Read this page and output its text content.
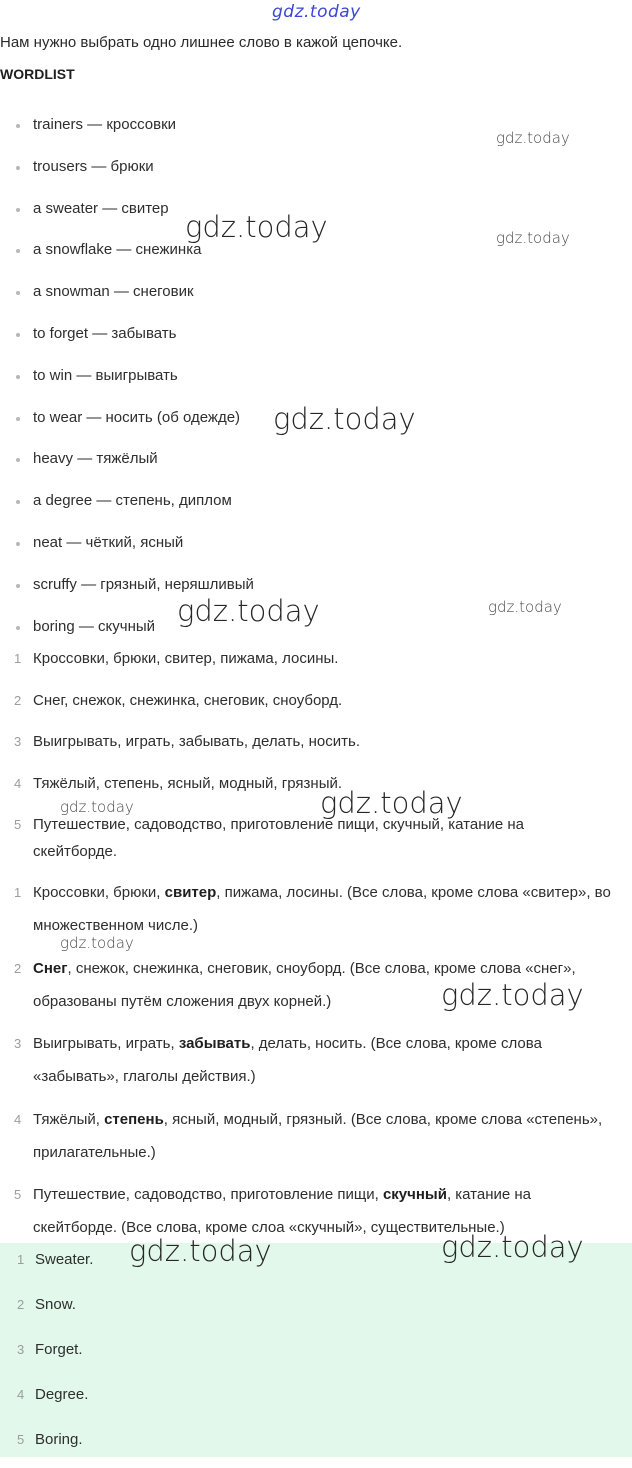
gdz.today
Нам нужно выбрать одно лишнее слово в кажой цепочке.
WORDLIST
trainers — кроссовки
trousers — брюки
a sweater — свитер
a snowflake — снежинка
a snowman — снеговик
to forget — забывать
to win — выигрывать
to wear — носить (об одежде)
heavy — тяжёлый
a degree — степень, диплом
neat — чёткий, ясный
scruffy — грязный, неряшливый
boring — скучный
1 Кроссовки, брюки, свитер, пижама, лосины.
2 Снег, снежок, снежинка, снеговик, сноуборд.
3 Выигрывать, играть, забывать, делать, носить.
4 Тяжёлый, степень, ясный, модный, грязный.
5 Путешествие, садоводство, приготовление пищи, скучный, катание на скейтборде.
1 Кроссовки, брюки, свитер, пижама, лосины. (Все слова, кроме слова «свитер», во множественном числе.)
2 Снег, снежок, снежинка, снеговик, сноуборд. (Все слова, кроме слова «снег», образованы путём сложения двух корней.)
3 Выигрывать, играть, забывать, делать, носить. (Все слова, кроме слова «забывать», глаголы действия.)
4 Тяжёлый, степень, ясный, модный, грязный. (Все слова, кроме слова «степень», прилагательные.)
5 Путешествие, садоводство, приготовление пищи, скучный, катание на скейтборде. (Все слова, кроме слоа «скучный», существительные.)
1 Sweater.
2 Snow.
3 Forget.
4 Degree.
5 Boring.
gdz.today
gdz.today	gdz.today
gdz.today
gdz.today	gdz.today
gdz.today
gdz.today
gdz.today
gdz.today
gdz.today	gdz.today
